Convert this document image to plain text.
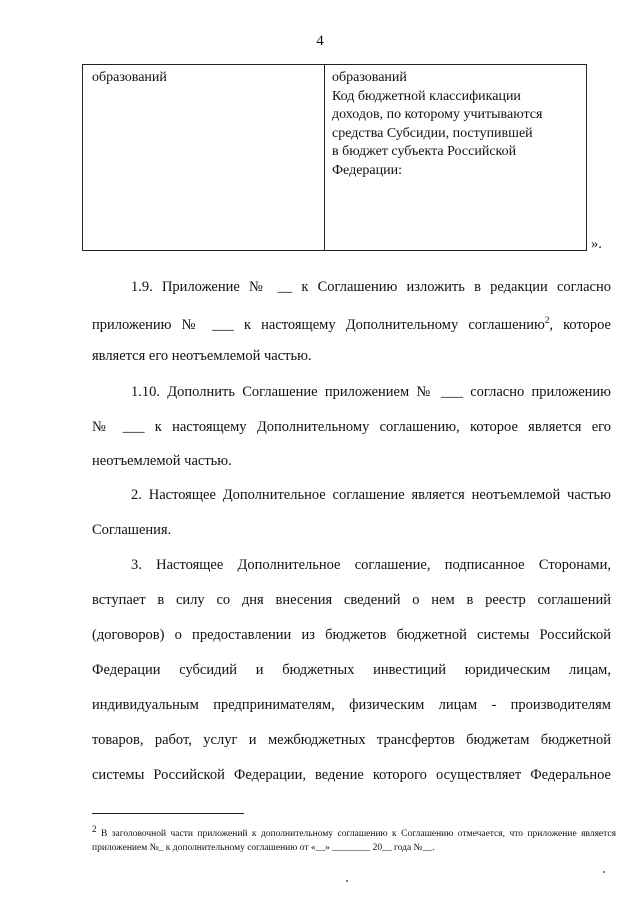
4
образований	образований
Код бюджетной классификации
доходов, по которому учитываются
средства Субсидии, поступившей
в бюджет субъекта Российской
Федерации:
».
1.9. Приложение № __ к Соглашению изложить в редакции согласно
приложению № ___ к настоящему Дополнительному соглашению$^2$, которое
является его неотъемлемой частью.
1.10. Дополнить Соглашение приложением № ___ согласно приложению
№ ___ к настоящему Дополнительному соглашению, которое является его
неотъемлемой частью.
2. Настоящее Дополнительное соглашение является неотъемлемой частью
Соглашения.
3. Настоящее Дополнительное соглашение, подписанное Сторонами,
вступает в силу со дня внесения сведений о нем в реестр соглашений
(договоров) о предоставлении из бюджетов бюджетной системы Российской
Федерации субсидий и бюджетных инвестиций юридическим лицам,
индивидуальным предпринимателям, физическим лицам - производителям
товаров, работ, услуг и межбюджетных трансфертов бюджетам бюджетной
системы Российской Федерации, ведение которого осуществляет Федеральное
$^2$ В заголовочной части приложений к дополнительному соглашению к Соглашению отмечается, что приложение является
приложением №_ к дополнительному соглашению от «__» ________ 20__ года №__.
